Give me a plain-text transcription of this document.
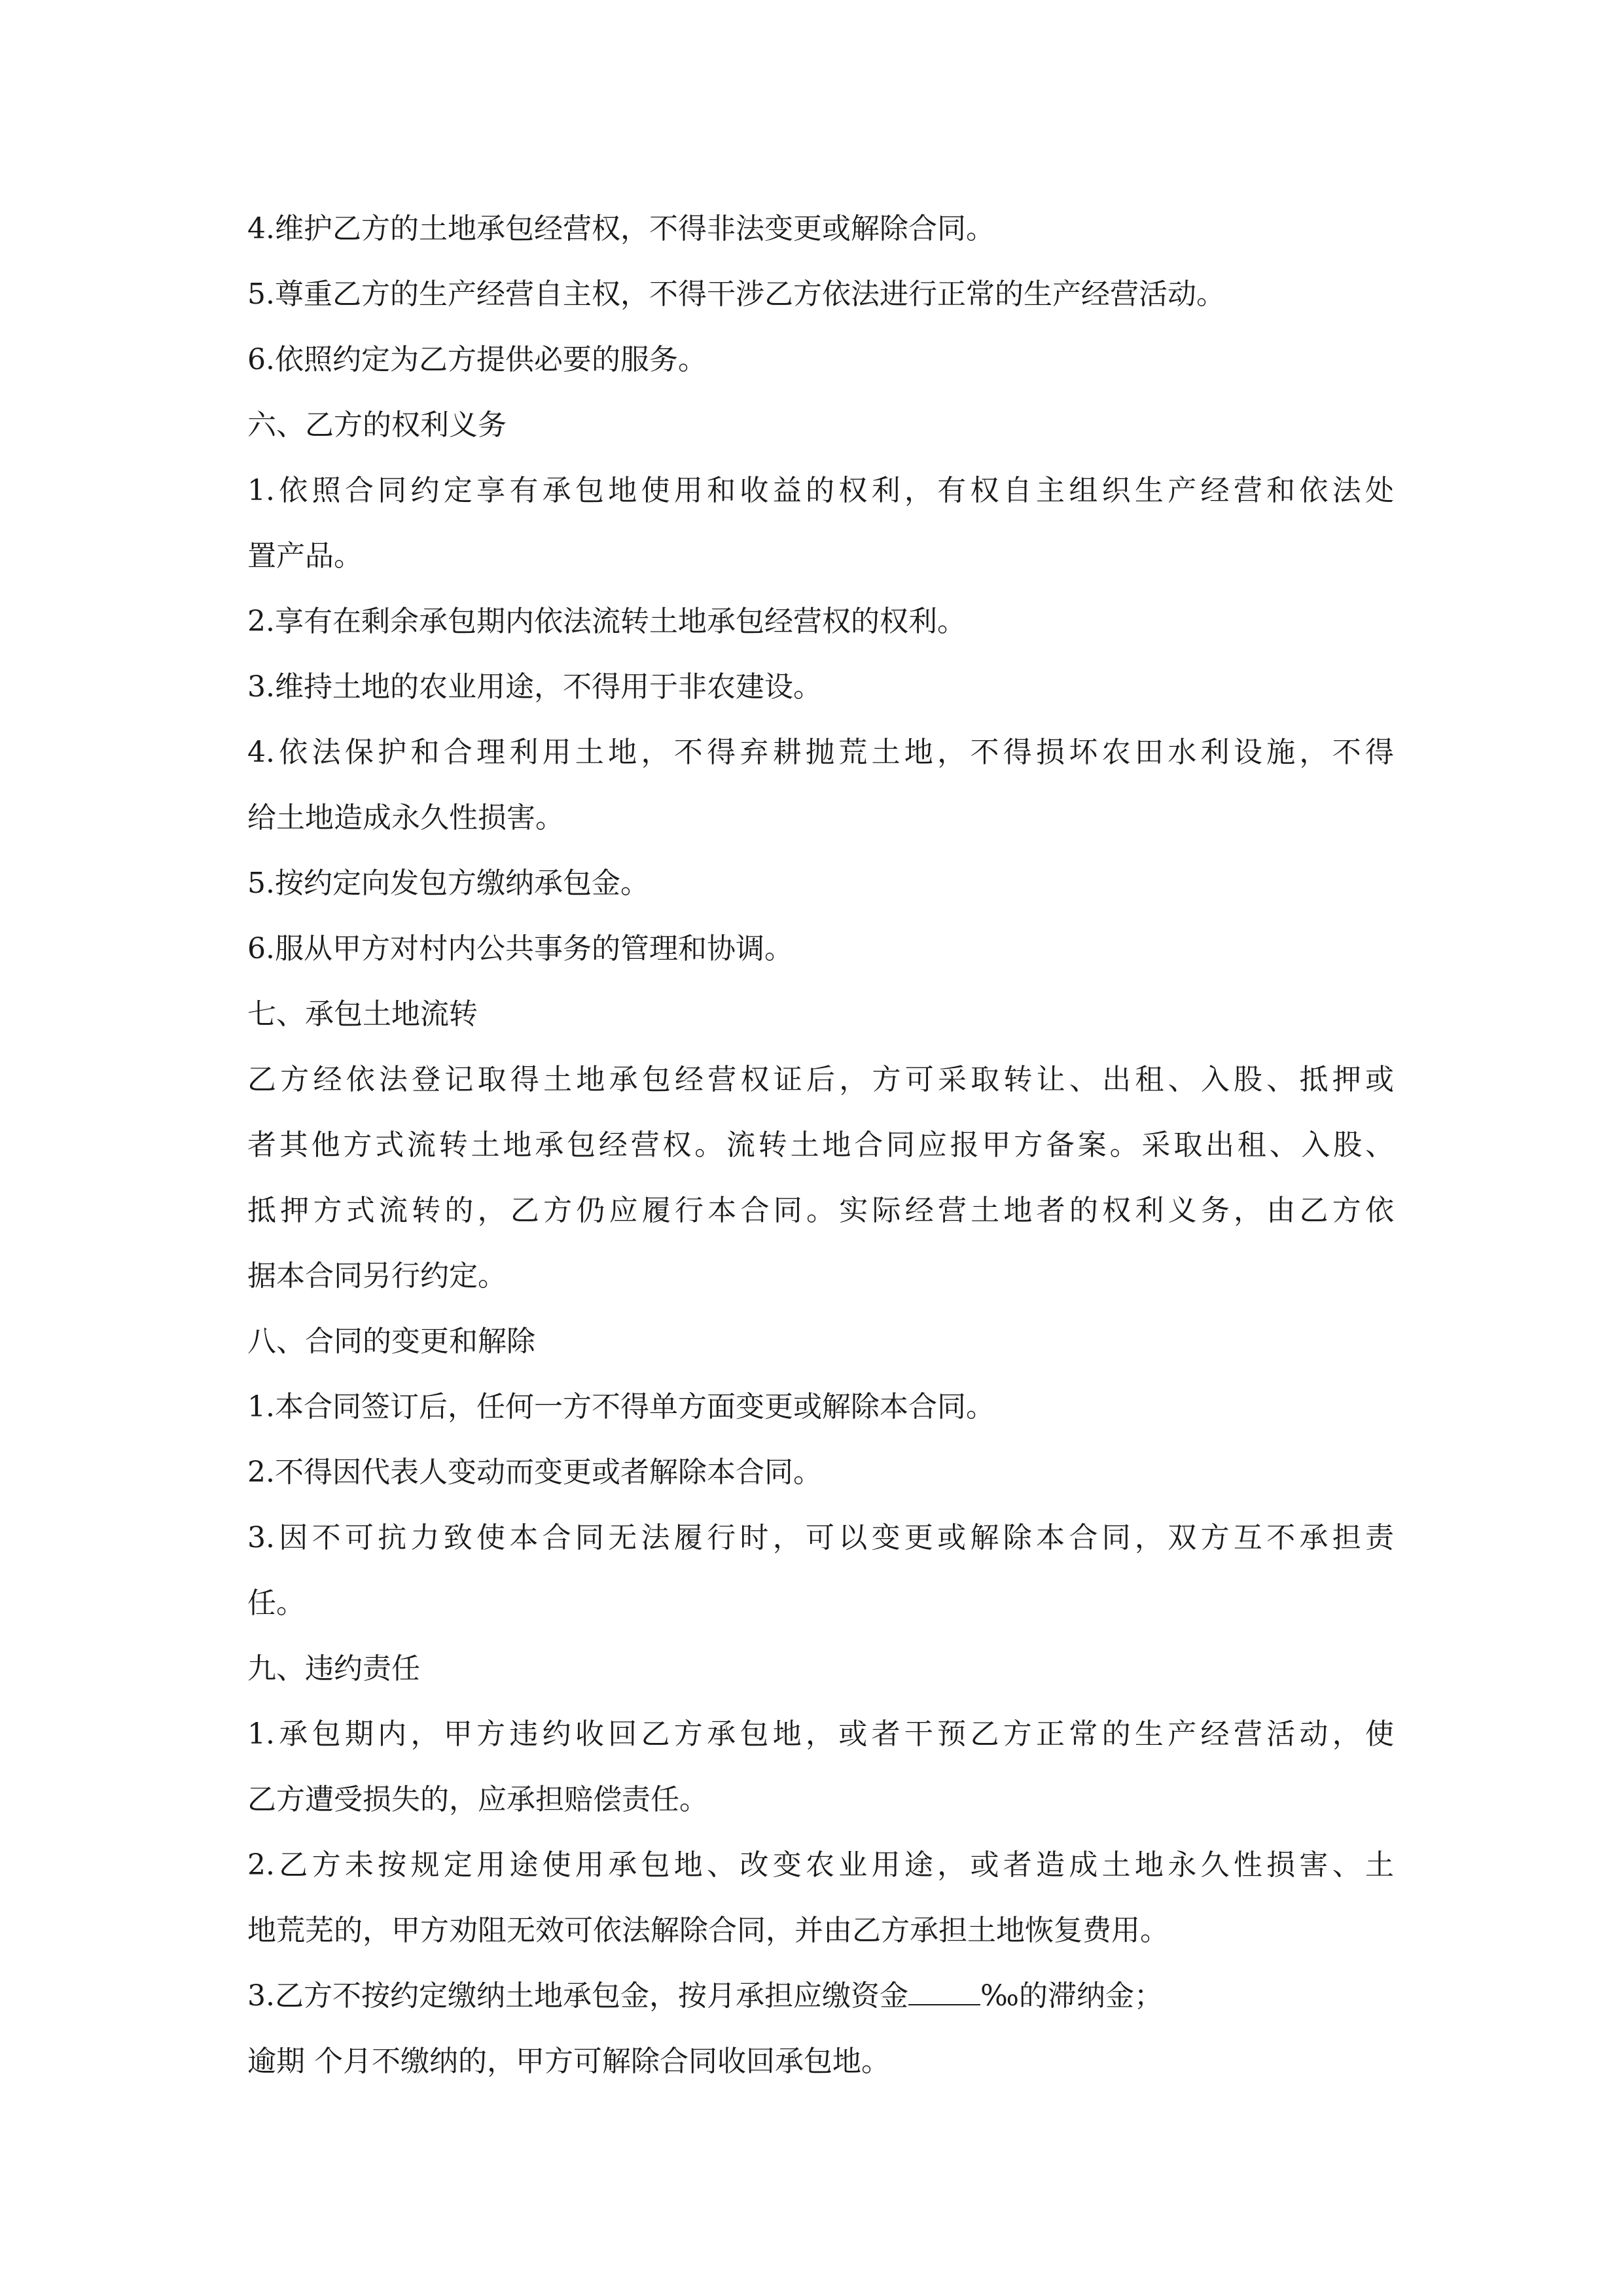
4.维护乙方的土地承包经营权，不得非法变更或解除合同。
5.尊重乙方的生产经营自主权，不得干涉乙方依法进行正常的生产经营活动。
6.依照约定为乙方提供必要的服务。
六、乙方的权利义务
1.依照合同约定享有承包地使用和收益的权利，有权自主组织生产经营和依法处
置产品。
2.享有在剩余承包期内依法流转土地承包经营权的权利。
3.维持土地的农业用途，不得用于非农建设。
4.依法保护和合理利用土地，不得弃耕抛荒土地，不得损坏农田水利设施，不得
给土地造成永久性损害。
5.按约定向发包方缴纳承包金。
6.服从甲方对村内公共事务的管理和协调。
七、承包土地流转
乙方经依法登记取得土地承包经营权证后，方可采取转让、出租、入股、抵押或
者其他方式流转土地承包经营权。流转土地合同应报甲方备案。采取出租、入股、
抵押方式流转的，乙方仍应履行本合同。实际经营土地者的权利义务，由乙方依
据本合同另行约定。
八、合同的变更和解除
1.本合同签订后，任何一方不得单方面变更或解除本合同。
2.不得因代表人变动而变更或者解除本合同。
3.因不可抗力致使本合同无法履行时，可以变更或解除本合同，双方互不承担责
任。
九、违约责任
1.承包期内，甲方违约收回乙方承包地，或者干预乙方正常的生产经营活动，使
乙方遭受损失的，应承担赔偿责任。
2.乙方未按规定用途使用承包地、改变农业用途，或者造成土地永久性损害、土
地荒芜的，甲方劝阻无效可依法解除合同，并由乙方承担土地恢复费用。
3.乙方不按约定缴纳土地承包金，按月承担应缴资金	‰的滞纳金；
逾期 个月不缴纳的，甲方可解除合同收回承包地。
